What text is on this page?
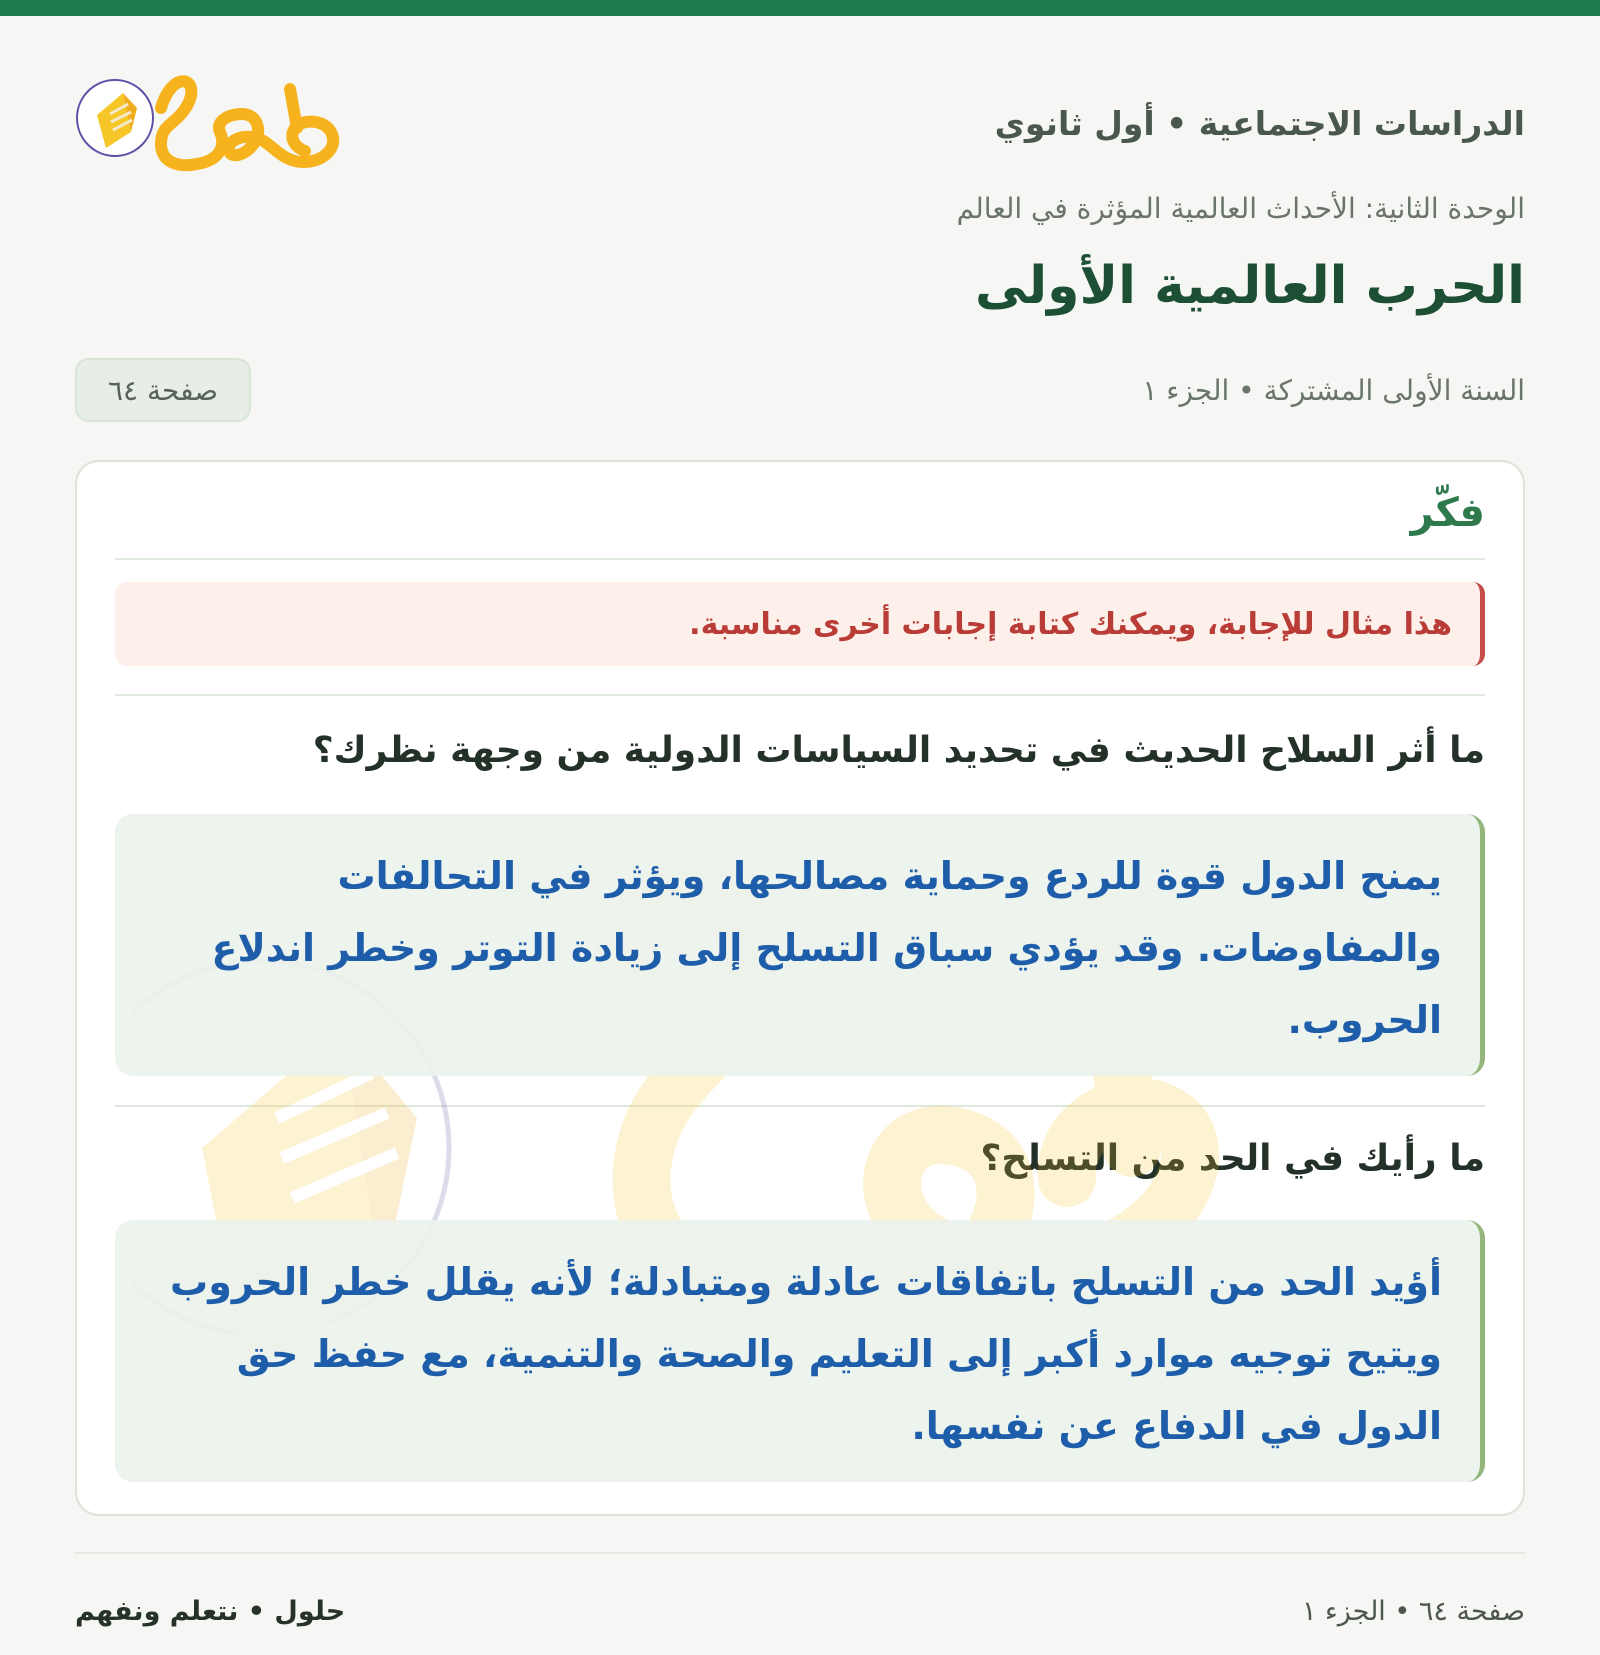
الدراسات الاجتماعية • أول ثانوي
الوحدة الثانية: الأحداث العالمية المؤثرة في العالم
الحرب العالمية الأولى
السنة الأولى المشتركة • الجزء ١
صفحة ٦٤
فكّر
هذا مثال للإجابة، ويمكنك كتابة إجابات أخرى مناسبة.
ما أثر السلاح الحديث في تحديد السياسات الدولية من وجهة نظرك؟
يمنح الدول قوة للردع وحماية مصالحها، ويؤثر في التحالفات والمفاوضات. وقد يؤدي سباق التسلح إلى زيادة التوتر وخطر اندلاع الحروب.
ما رأيك في الحد من التسلح؟
أؤيد الحد من التسلح باتفاقات عادلة ومتبادلة؛ لأنه يقلل خطر الحروب ويتيح توجيه موارد أكبر إلى التعليم والصحة والتنمية، مع حفظ حق الدول في الدفاع عن نفسها.
حلول • نتعلم ونفهم	صفحة ٦٤ • الجزء ١
